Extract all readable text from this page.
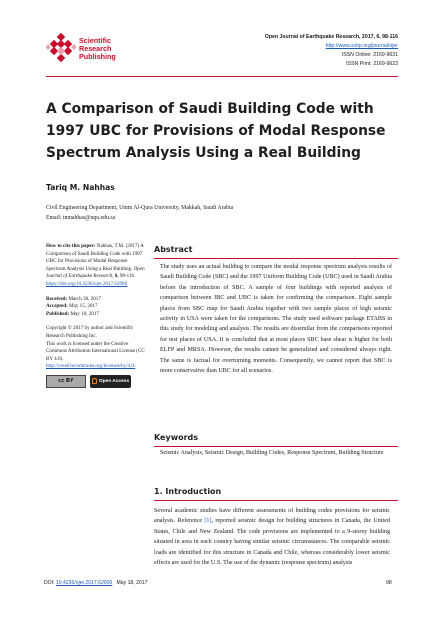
Scientific
Research
Publishing
Open Journal of Earthquake Research, 2017, 6, 98-116
http://www.scirp.org/journal/ojer
ISSN Online: 2169-9631
ISSN Print: 2169-9623
A Comparison of Saudi Building Code with 1997 UBC for Provisions of Modal Response Spectrum Analysis Using a Real Building
Tariq M. Nahhas
Civil Engineering Department, Umm Al-Qura University, Makkah, Saudi Arabia
Email: tmnahhas@uqu.edu.sa

How to cite this paper: Nahhas, T.M. (2017) A Comparison of Saudi Building Code with 1997 UBC for Provisions of Modal Response Spectrum Analysis Using a Real Building. Open Journal of Earthquake Research, 6, 98-116.
https://doi.org/10.4236/ojer.2017.62006

Received: March 30, 2017
Accepted: May 15, 2017
Published: May 18, 2017

Copyright © 2017 by author and Scientific Research Publishing Inc.
This work is licensed under the Creative Commons Attribution International License (CC BY 4.0).
http://creativecommons.org/licenses/by/4.0/

cc BY	Open Access
Abstract
The study uses an actual building to compare the modal response spectrum analysis results of Saudi Building Code (SBC) and the 1997 Uniform Building Code (UBC) used in Saudi Arabia before the introduction of SBC. A sample of four buildings with reported analysis of comparison between IBC and UBC is taken for confirming the comparison. Eight sample places from SBC map for Saudi Arabia together with two sample places of high seismic activity in USA were taken for the comparisons. The study used software package ETABS in this study for modeling and analysis. The results are dissimilar from the comparisons reported for test places of USA. It is concluded that at most places SBC base shear is higher for both ELFP and MRSA. However, the results cannot be generalized and considered always right. The same is factual for overturning moments. Consequently, we cannot report that SBC is more conservative than UBC for all scenarios.
Keywords
Seismic Analysis, Seismic Design, Building Codes, Response Spectrum, Building Structure
1. Introduction
Several academic studies have different assessments of building codes provisions for seismic analysis. Reference [1], reported seismic design for building structures in Canada, the United States, Chile and New Zealand. The code provisions are implemented to a 9-storey building situated in area in each country having similar seismic circumstances. The comparable seismic loads are identified for this structure in Canada and Chile, whereas considerably lower seismic effects are used for the U.S. The use of the dynamic (response spectrum) analysis
DOI: 10.4236/ojer.2017.62006 May 18, 2017	98
